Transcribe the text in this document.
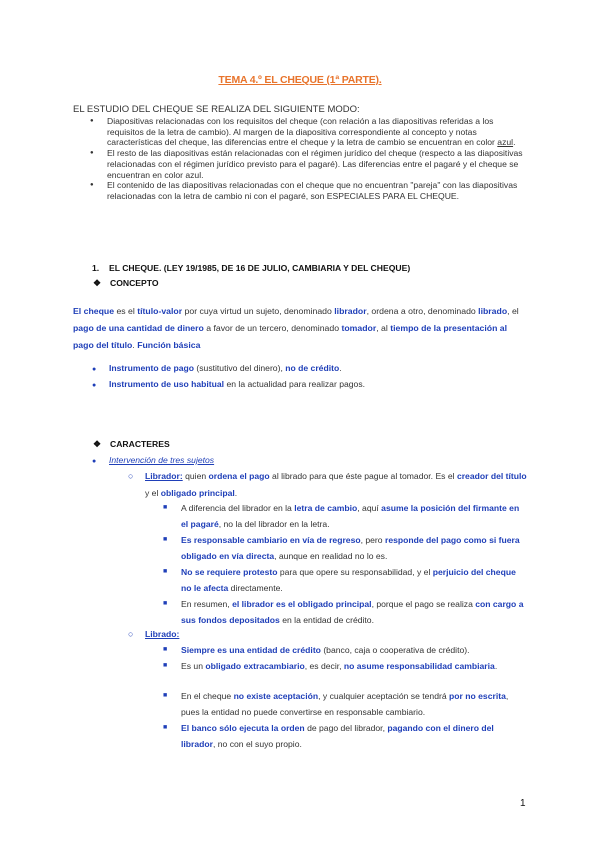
TEMA 4.º EL CHEQUE (1ª PARTE).
EL ESTUDIO DEL CHEQUE SE REALIZA DEL SIGUIENTE MODO:
● Diapositivas relacionadas con los requisitos del cheque (con relación a las diapositivas referidas a los requisitos de la letra de cambio). Al margen de la diapositiva correspondiente al concepto y notas características del cheque, las diferencias entre el cheque y la letra de cambio se encuentran en color azul.
● El resto de las diapositivas están relacionadas con el régimen jurídico del cheque (respecto a las diapositivas relacionadas con el régimen jurídico previsto para el pagaré). Las diferencias entre el pagaré y el cheque se encuentran en color azul.
● El contenido de las diapositivas relacionadas con el cheque que no encuentran "pareja" con las diapositivas relacionadas con la letra de cambio ni con el pagaré, son ESPECIALES PARA EL CHEQUE.
1. EL CHEQUE. (LEY 19/1985, DE 16 DE JULIO, CAMBIARIA Y DEL CHEQUE)
❖ CONCEPTO
El cheque es el título-valor por cuya virtud un sujeto, denominado librador, ordena a otro, denominado librado, el pago de una cantidad de dinero a favor de un tercero, denominado tomador, al tiempo de la presentación al pago del título. Función básica
● Instrumento de pago (sustitutivo del dinero), no de crédito.
● Instrumento de uso habitual en la actualidad para realizar pagos.
❖ CARACTERES
● Intervención de tres sujetos
○	Librador: quien ordena el pago al librado para que éste pague al tomador. Es el creador del título y el obligado principal.
■	A diferencia del librador en la letra de cambio, aquí asume la posición del firmante en el pagaré, no la del librador en la letra.
■	Es responsable cambiario en vía de regreso, pero responde del pago como si fuera obligado en vía directa, aunque en realidad no lo es.
■	No se requiere protesto para que opere su responsabilidad, y el perjuicio del cheque no le afecta directamente.
■	En resumen, el librador es el obligado principal, porque el pago se realiza con cargo a sus fondos depositados en la entidad de crédito.
○	Librado:
■	Siempre es una entidad de crédito (banco, caja o cooperativa de crédito).
■	Es un obligado extracambiario, es decir, no asume responsabilidad cambiaria.
■	En el cheque no existe aceptación, y cualquier aceptación se tendrá por no escrita, pues la entidad no puede convertirse en responsable cambiario.
■	El banco sólo ejecuta la orden de pago del librador, pagando con el dinero del librador, no con el suyo propio.
1
